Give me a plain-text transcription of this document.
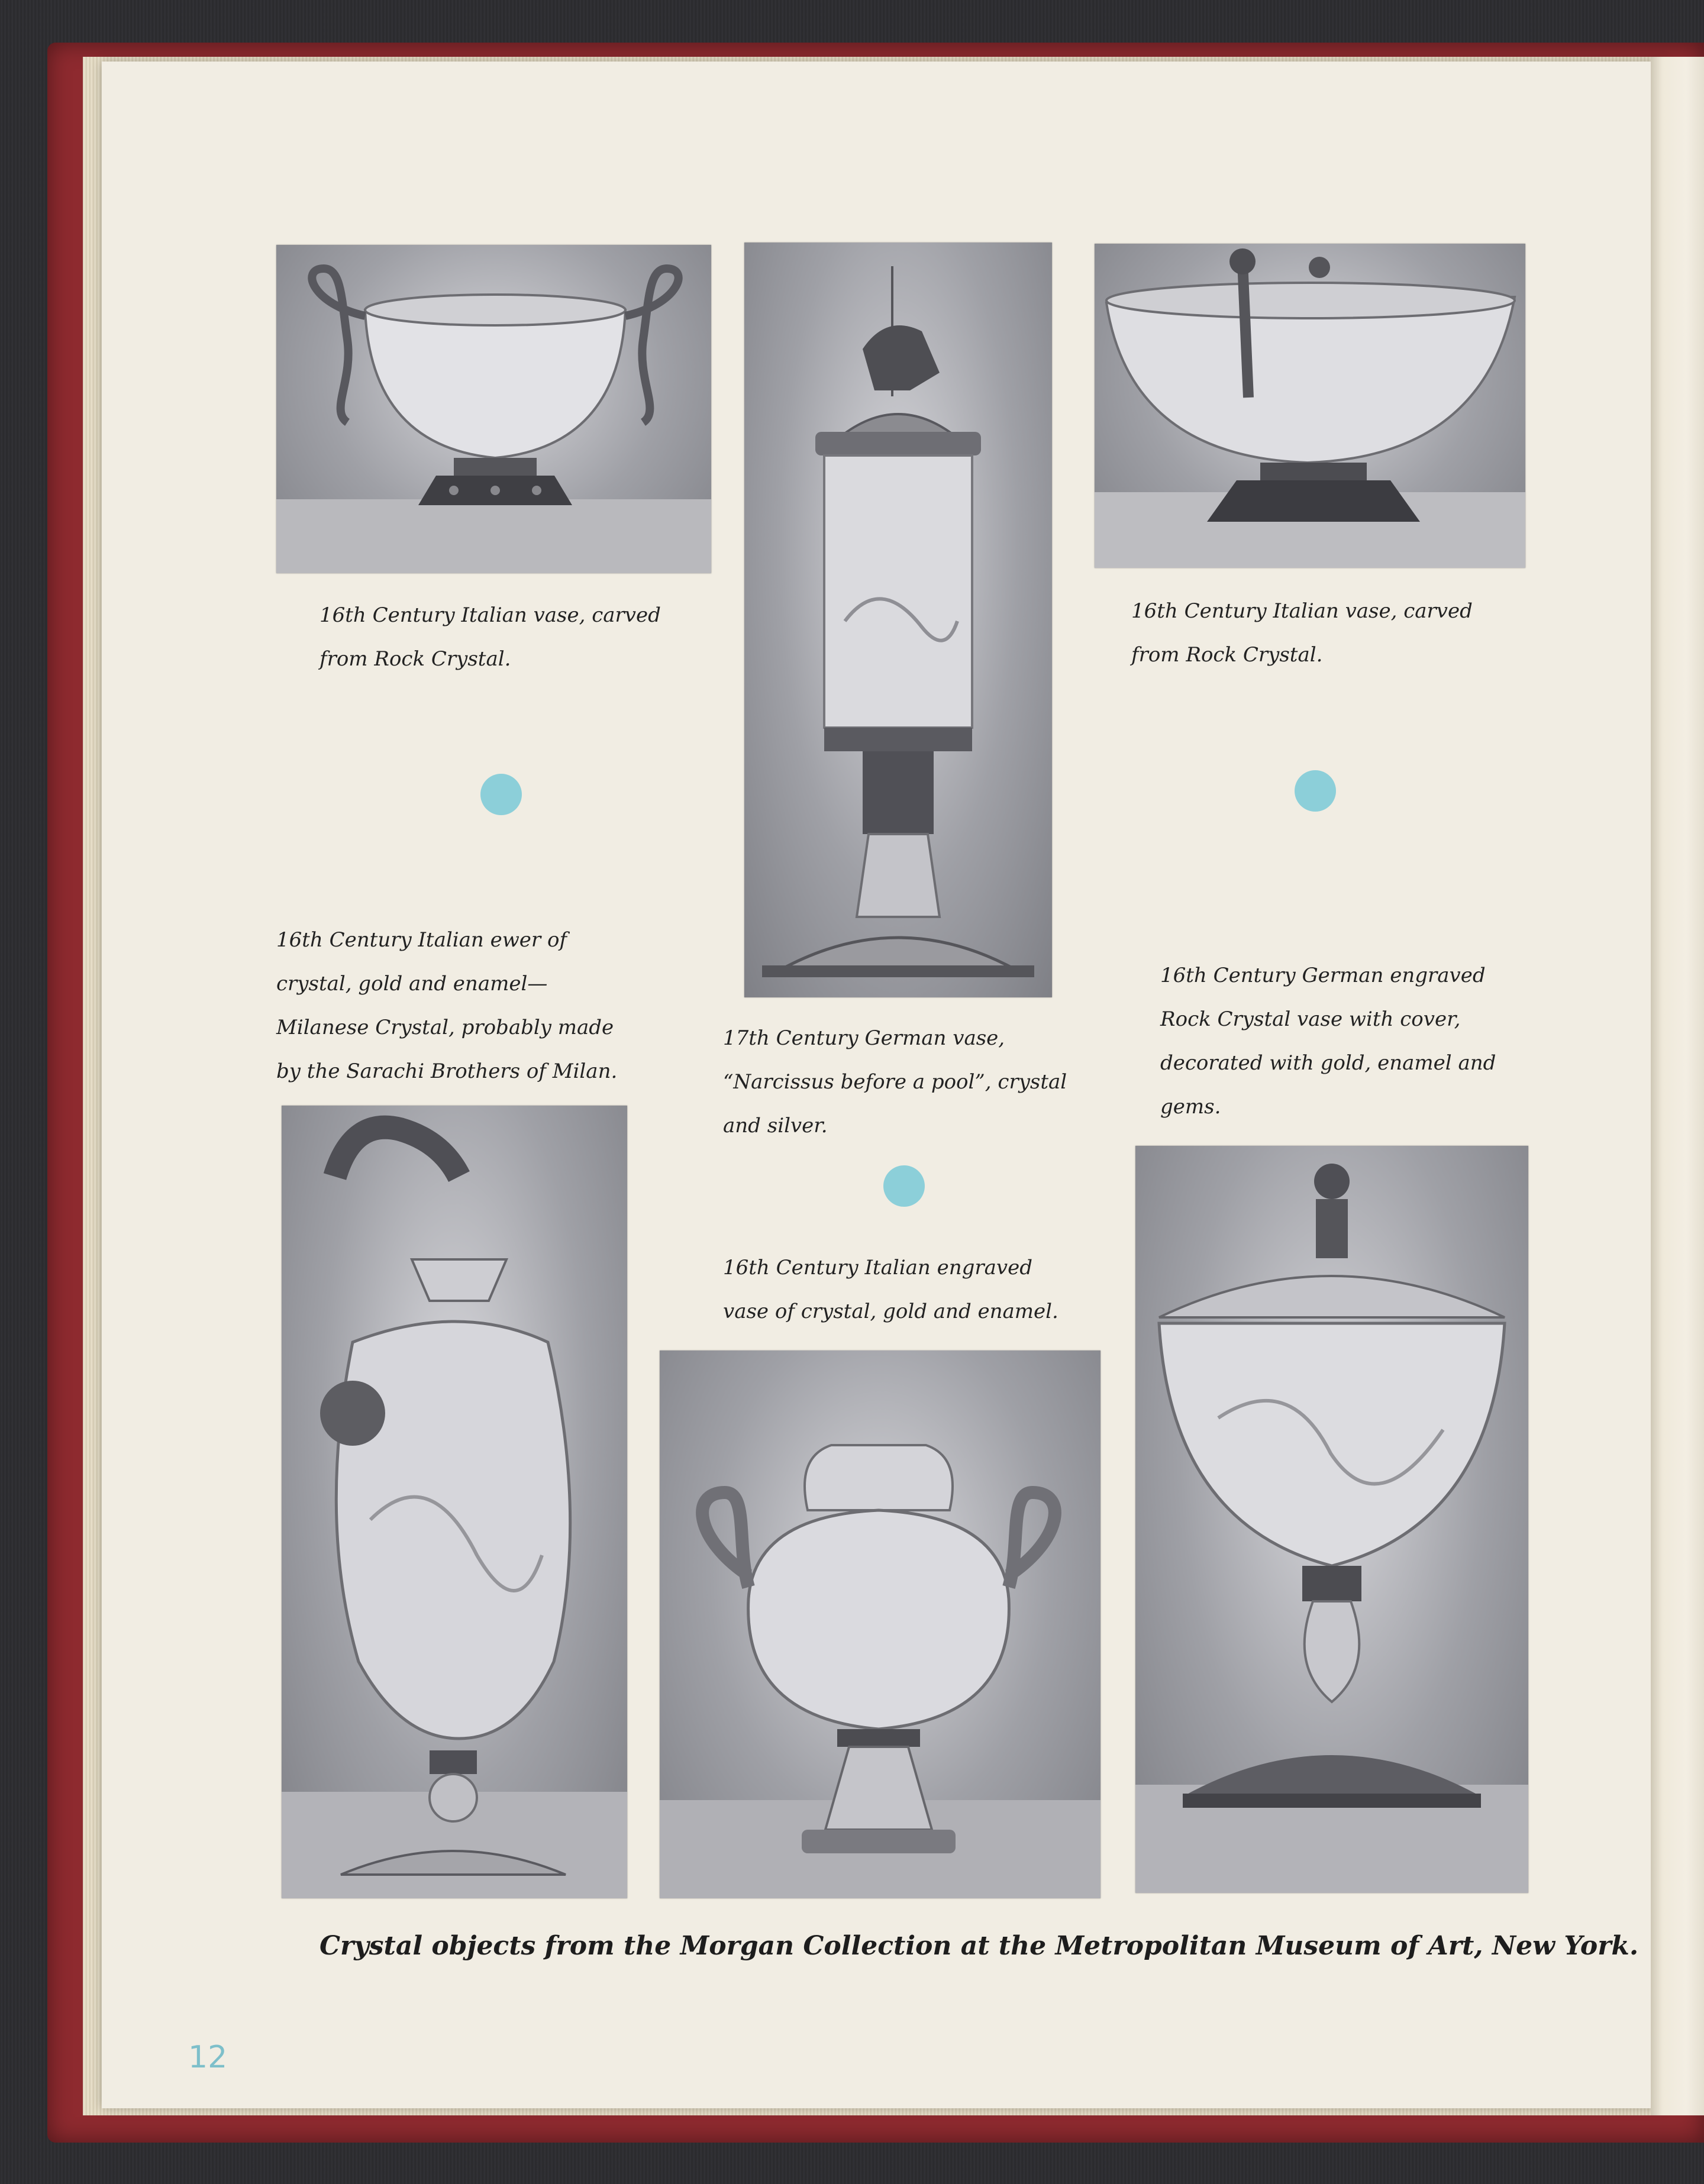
16th Century Italian vase, carved from Rock Crystal.
16th Century Italian vase, carved from Rock Crystal.
16th Century Italian ewer of crystal, gold and enamel—Milanese Crystal, probably made by the Sarachi Brothers of Milan.
17th Century German vase, “Narcissus before a pool”, crystal and silver.
16th Century German engraved Rock Crystal vase with cover, decorated with gold, enamel and gems.
16th Century Italian engraved vase of crystal, gold and enamel.
Crystal objects from the Morgan Collection at the Metropolitan Museum of Art, New York.
12
